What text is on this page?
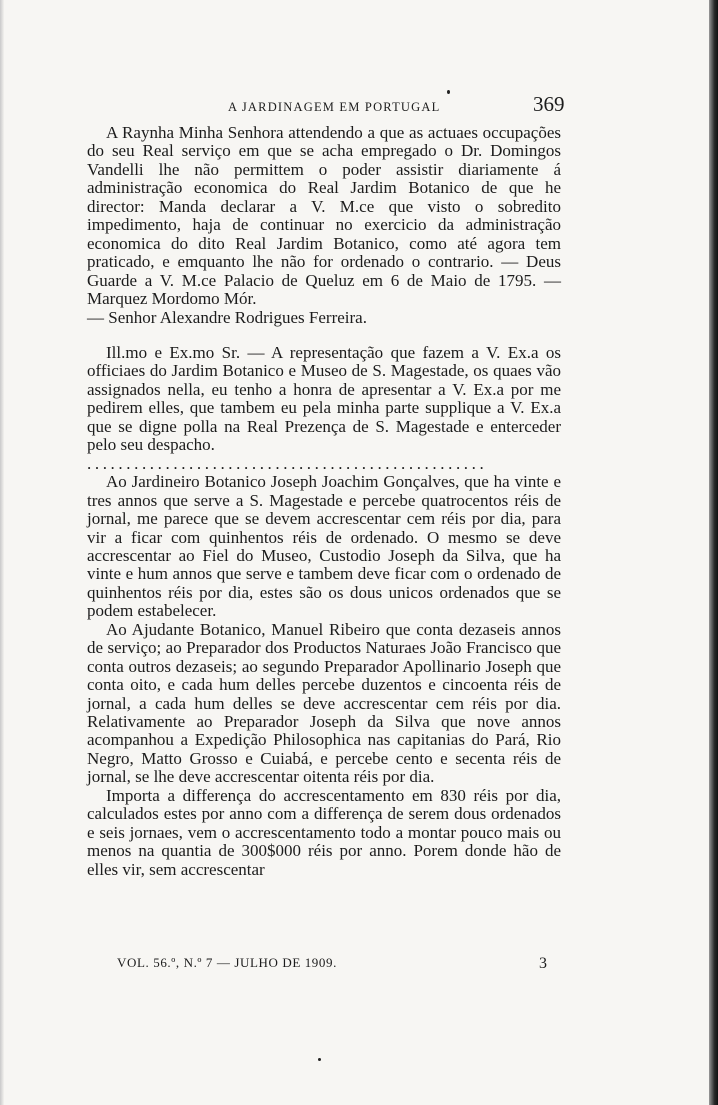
A JARDINAGEM EM PORTUGAL	369

A Raynha Minha Senhora attendendo a que as actuaes occupações do seu Real serviço em que se acha empregado o Dr. Domingos Vandelli lhe não permittem o poder assistir diariamente á administração economica do Real Jardim Botanico de que he director: Manda declarar a V. M.ce que visto o sobredito impedimento, haja de continuar no exercicio da administração economica do dito Real Jardim Botanico, como até agora tem praticado, e emquanto lhe não for ordenado o contrario. — Deus Guarde a V. M.ce Palacio de Queluz em 6 de Maio de 1795. — Marquez Mordomo Mór.

— Senhor Alexandre Rodrigues Ferreira.

Ill.mo e Ex.mo Sr. — A representação que fazem a V. Ex.a os officiaes do Jardim Botanico e Museo de S. Magestade, os quaes vão assignados nella, eu tenho a honra de apresentar a V. Ex.a por me pedirem elles, que tambem eu pela minha parte supplique a V. Ex.a que se digne polla na Real Prezença de S. Magestade e enterceder pelo seu despacho.

...................................................

Ao Jardineiro Botanico Joseph Joachim Gonçalves, que ha vinte e tres annos que serve a S. Magestade e percebe quatrocentos réis de jornal, me parece que se devem accrescentar cem réis por dia, para vir a ficar com quinhentos réis de ordenado. O mesmo se deve accrescentar ao Fiel do Museo, Custodio Joseph da Silva, que ha vinte e hum annos que serve e tambem deve ficar com o ordenado de quinhentos réis por dia, estes são os dous unicos ordenados que se podem estabelecer.

Ao Ajudante Botanico, Manuel Ribeiro que conta dezaseis annos de serviço; ao Preparador dos Productos Naturaes João Francisco que conta outros dezaseis; ao segundo Preparador Apollinario Joseph que conta oito, e cada hum delles percebe duzentos e cincoenta réis de jornal, a cada hum delles se deve accrescentar cem réis por dia. Relativamente ao Preparador Joseph da Silva que nove annos acompanhou a Expedição Philosophica nas capitanias do Pará, Rio Negro, Matto Grosso e Cuiabá, e percebe cento e secenta réis de jornal, se lhe deve accrescentar oitenta réis por dia.

Importa a differença do accrescentamento em 830 réis por dia, calculados estes por anno com a differença de serem dous ordenados e seis jornaes, vem o accrescentamento todo a montar pouco mais ou menos na quantia de 300$000 réis por anno. Porem donde hão de elles vir, sem accrescentar

VOL. 56.º, N.º 7 — JULHO DE 1909.	3
